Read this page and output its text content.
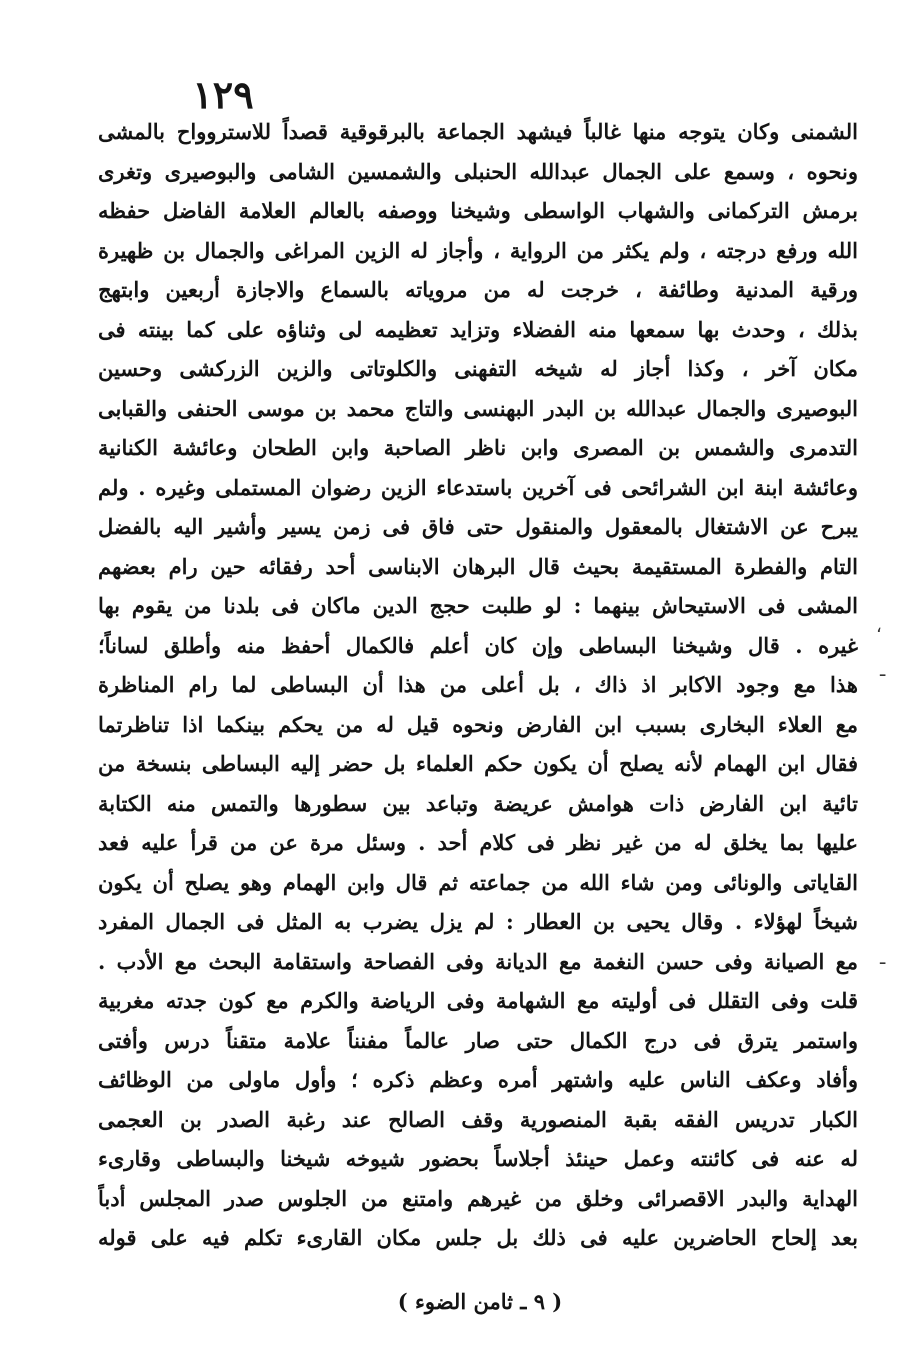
١٢٩
الشمنى وكان يتوجه منها غالباً فيشهد الجماعة بالبرقوقية قصداً للاستروواح بالمشى
ونحوه ، وسمع على الجمال عبدالله الحنبلى والشمسين الشامى والبوصيرى وتغرى
برمش التركمانى والشهاب الواسطى وشيخنا ووصفه بالعالم العلامة الفاضل حفظه
الله ورفع درجته ، ولم يكثر من الرواية ، وأجاز له الزين المراغى والجمال بن ظهيرة
ورقية المدنية وطائفة ، خرجت له من مروياته بالسماع والاجازة أربعين وابتهج
بذلك ، وحدث بها سمعها منه الفضلاء وتزايد تعظيمه لى وثناؤه على كما بينته فى
مكان آخر ، وكذا أجاز له شيخه التفهنى والكلوتاتى والزين الزركشى وحسين
البوصيرى والجمال عبدالله بن البدر البهنسى والتاج محمد بن موسى الحنفى والقبابى
التدمرى والشمس بن المصرى وابن ناظر الصاحبة وابن الطحان وعائشة الكنانية
وعائشة ابنة ابن الشرائحى فى آخرين باستدعاء الزين رضوان المستملى وغيره . ولم
يبرح عن الاشتغال بالمعقول والمنقول حتى فاق فى زمن يسير وأشير اليه بالفضل
التام والفطرة المستقيمة بحيث قال البرهان الابناسى أحد رفقائه حين رام بعضهم
المشى فى الاستيحاش بينهما : لو طلبت حجج الدين ماكان فى بلدنا من يقوم بها
غيره . قال وشيخنا البساطى وإن كان أعلم فالكمال أحفظ منه وأطلق لساناً؛
هذا مع وجود الاكابر اذ ذاك ، بل أعلى من هذا أن البساطى لما رام المناظرة
مع العلاء البخارى بسبب ابن الفارض ونحوه قيل له من يحكم بينكما اذا تناظرتما
فقال ابن الهمام لأنه يصلح أن يكون حكم العلماء بل حضر إليه البساطى بنسخة من
تائية ابن الفارض ذات هوامش عريضة وتباعد بين سطورها والتمس منه الكتابة
عليها بما يخلق له من غير نظر فى كلام أحد . وسئل مرة عن من قرأ عليه فعد
القاياتى والونائى ومن شاء الله من جماعته ثم قال وابن الهمام وهو يصلح أن يكون
شيخاً لهؤلاء . وقال يحيى بن العطار : لم يزل يضرب به المثل فى الجمال المفرد
مع الصيانة وفى حسن النغمة مع الديانة وفى الفصاحة واستقامة البحث مع الأدب .
قلت وفى التقلل فى أوليته مع الشهامة وفى الرياضة والكرم مع كون جدته مغربية
واستمر يترق فى درج الكمال حتى صار عالماً مفنناً علامة متقناً درس وأفتى
وأفاد وعكف الناس عليه واشتهر أمره وعظم ذكره ؛ وأول ماولى من الوظائف
الكبار تدريس الفقه بقبة المنصورية وقف الصالح عند رغبة الصدر بن العجمى
له عنه فى كائنته وعمل حينئذ أجلاساً بحضور شيوخه شيخنا والبساطى وقارىء
الهداية والبدر الاقصرائى وخلق من غيرهم وامتنع من الجلوس صدر المجلس أدباً
بعد إلحاح الحاضرين عليه فى ذلك بل جلس مكان القارىء تكلم فيه على قوله
،
ـ
ـ
( ٩ ـ ثامن الضوء )
